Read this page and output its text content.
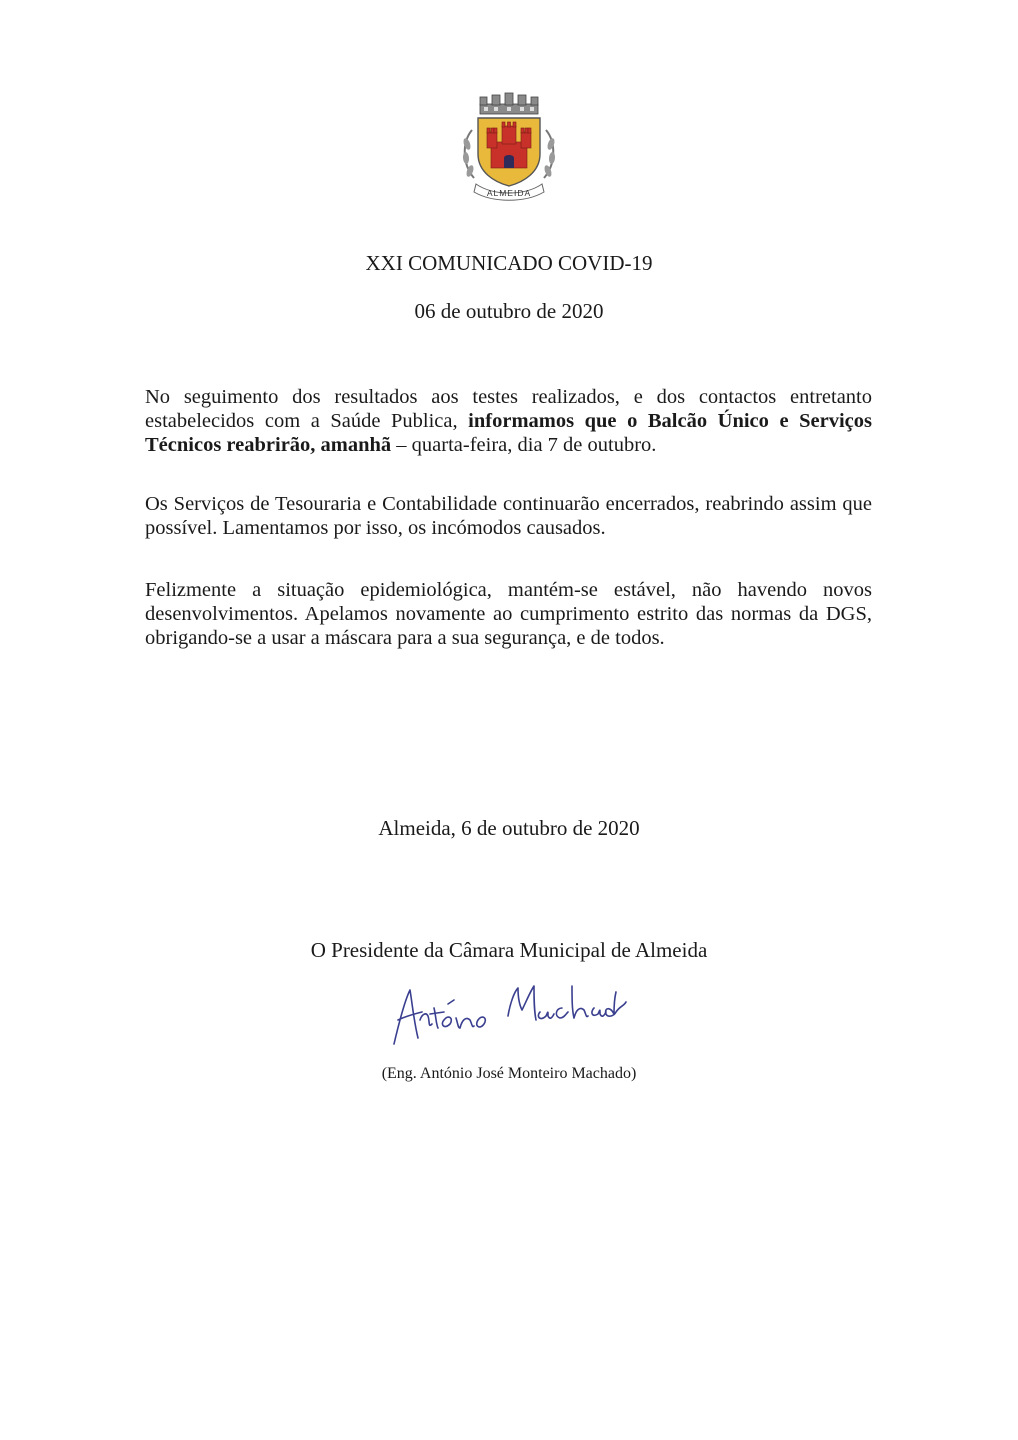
ALMEIDA
XXI COMUNICADO COVID-19
06 de outubro de 2020

No seguimento dos resultados aos testes realizados, e dos contactos entretanto estabelecidos com a Saúde Publica, informamos que o Balcão Único e Serviços Técnicos reabrirão, amanhã – quarta-feira, dia 7 de outubro.

Os Serviços de Tesouraria e Contabilidade continuarão encerrados, reabrindo assim que possível. Lamentamos por isso, os incómodos causados.

Felizmente a situação epidemiológica, mantém-se estável, não havendo novos desenvolvimentos. Apelamos novamente ao cumprimento estrito das normas da DGS, obrigando-se a usar a máscara para a sua segurança, e de todos.

Almeida, 6 de outubro de 2020
O Presidente da Câmara Municipal de Almeida
(Eng. António José Monteiro Machado)
